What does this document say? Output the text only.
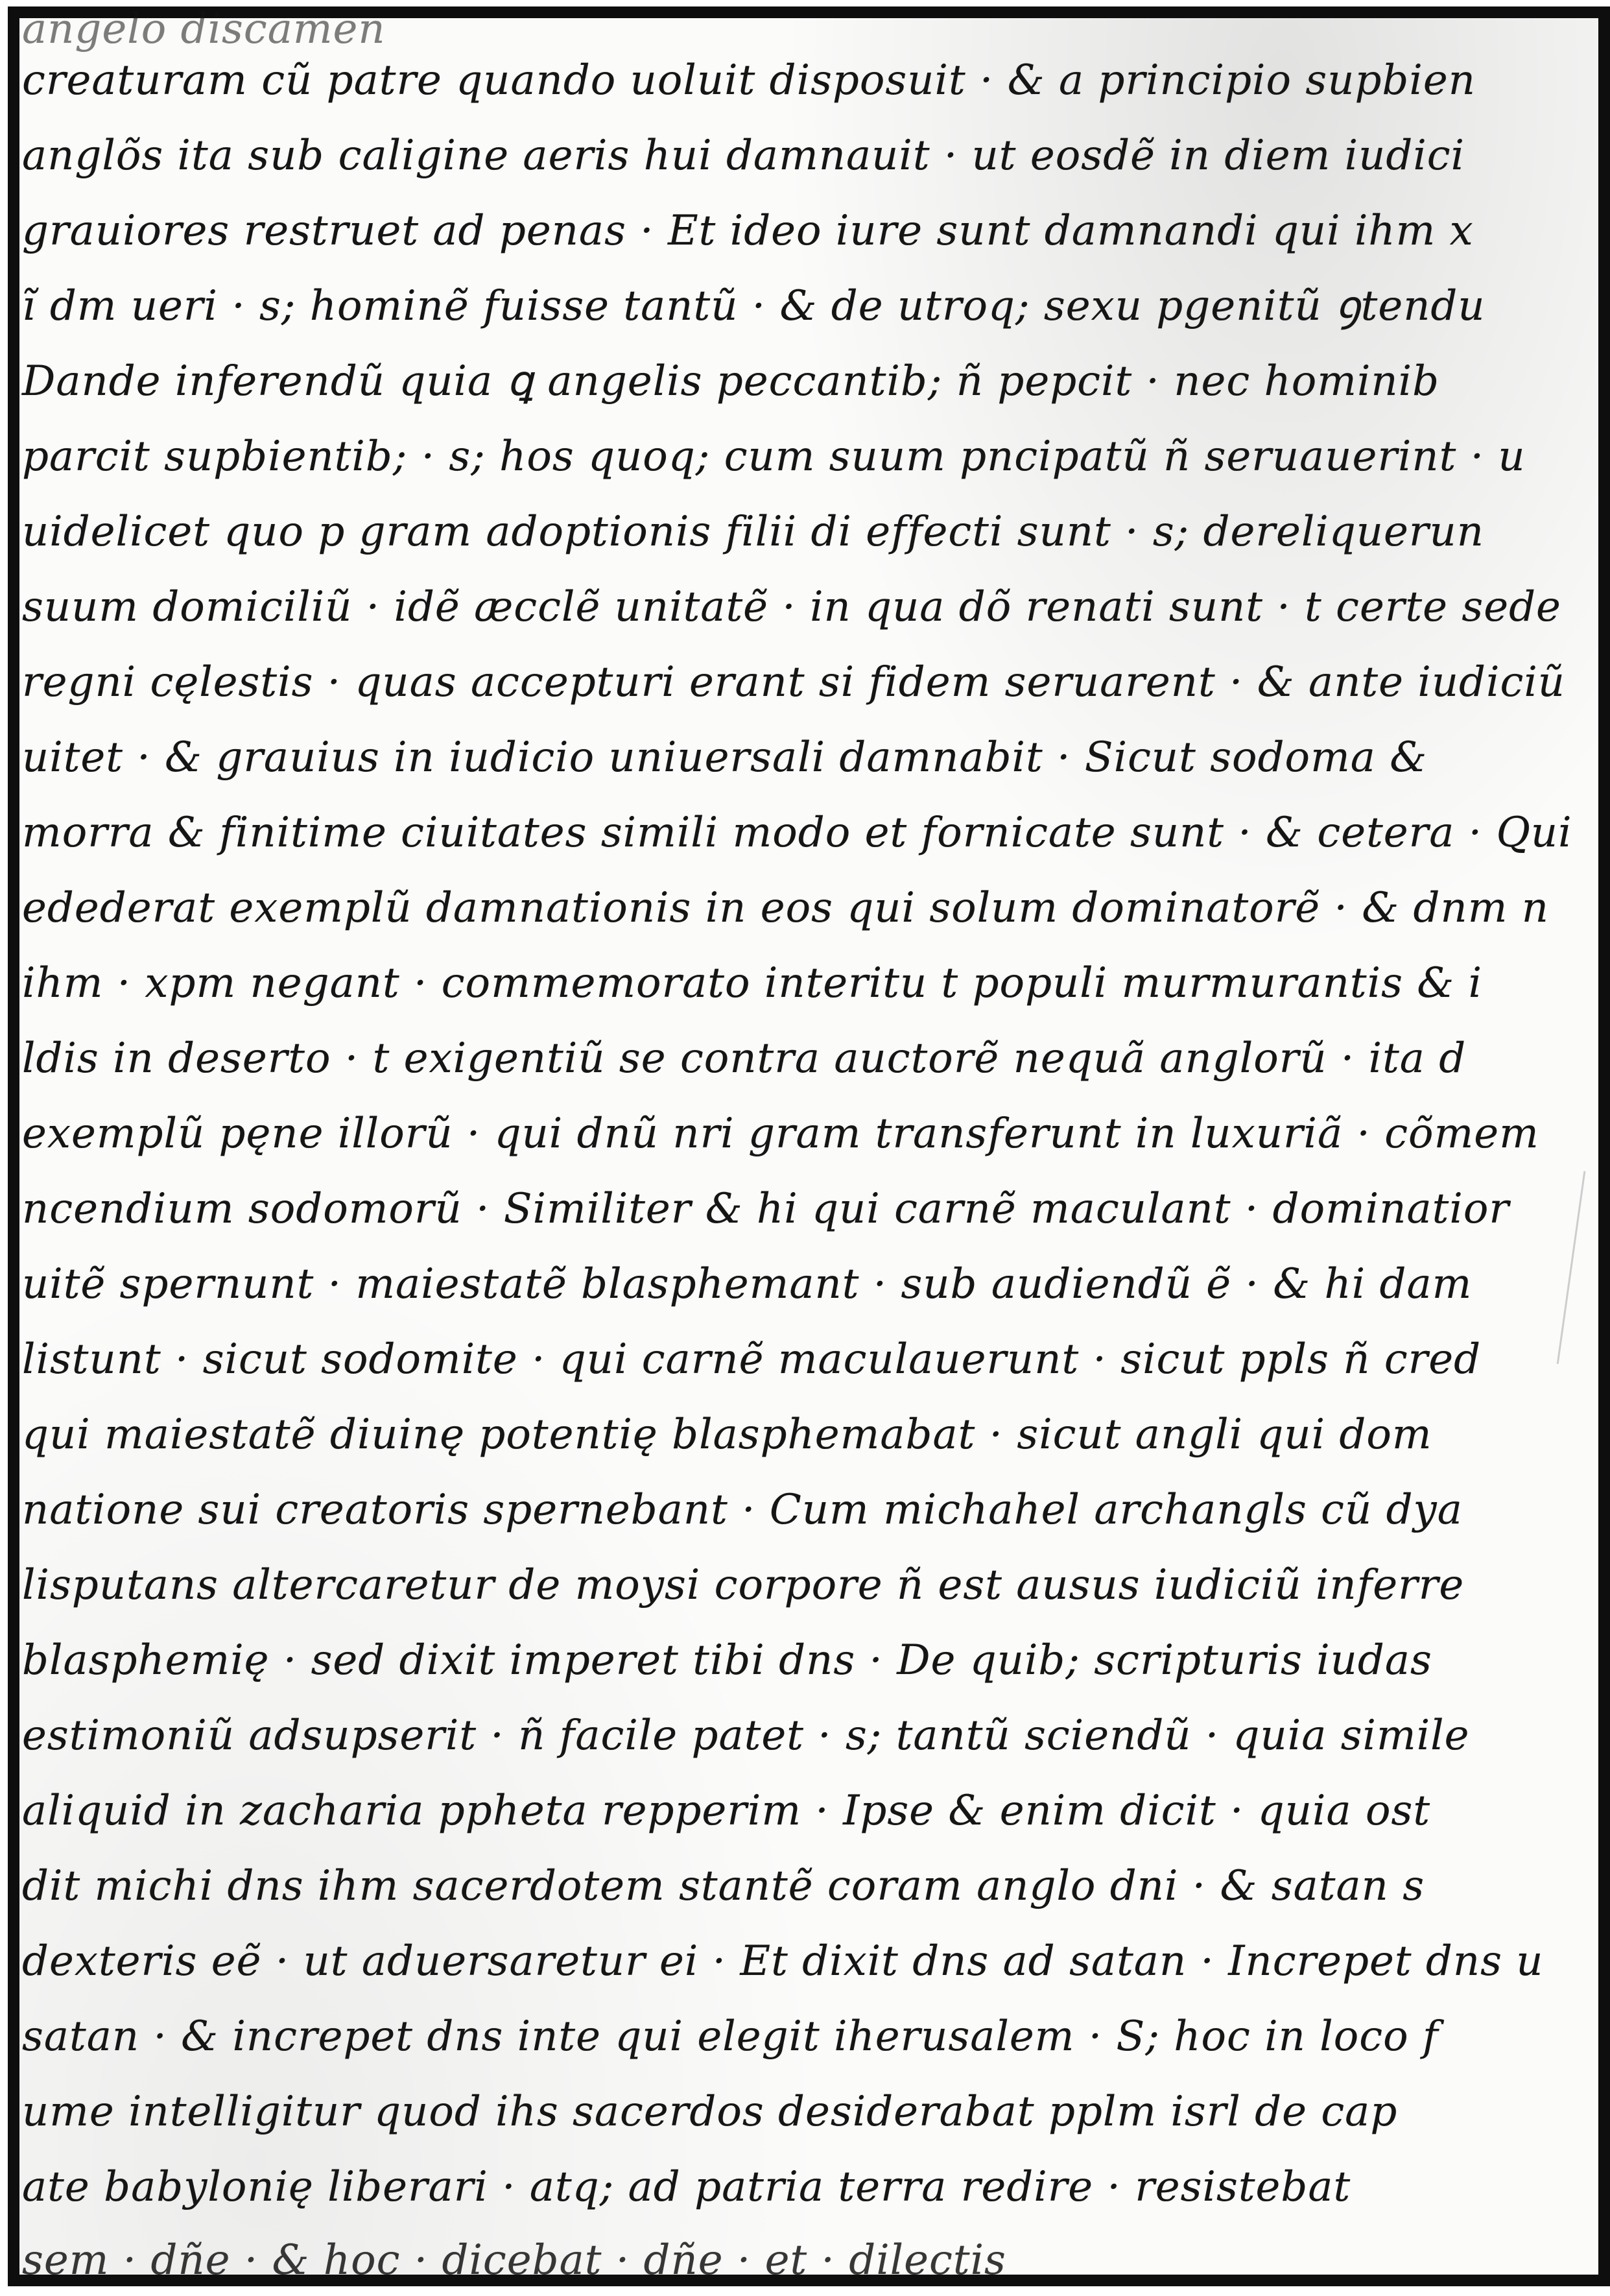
angelo discamen
creaturam cũ patre quando uoluit disposuit · & a principio supbien
anglõs ita sub caligine aeris hui damnauit · ut eosdẽ in diem iudici
grauiores restruet ad penas · Et ideo iure sunt damnandi qui ihm x
ĩ dm ueri · s; hominẽ fuisse tantũ · & de utroq; sexu pgenitũ ꝯtendu
Dande inferendũ quia ꝗ angelis peccantib; ñ pepcit · nec hominib
parcit supbientib; · s; hos quoq; cum suum pncipatũ ñ seruauerint · u
uidelicet quo p gram adoptionis filii di effecti sunt · s; dereliquerun
suum domiciliũ · idẽ æcclẽ unitatẽ · in qua dõ renati sunt · t certe sede
regni cęlestis · quas accepturi erant si fidem seruarent · & ante iudiciũ
uitet · & grauius in iudicio uniuersali damnabit · Sicut sodoma &
morra & finitime ciuitates simili modo et fornicate sunt · & cetera · Qui
edederat exemplũ damnationis in eos qui solum dominatorẽ · & dnm n
ihm · xpm negant · commemorato interitu t populi murmurantis & i
ldis in deserto · t exigentiũ se contra auctorẽ nequã anglorũ · ita d
exemplũ pęne illorũ · qui dnũ nri gram transferunt in luxuriã · cõmem
ncendium sodomorũ · Similiter & hi qui carnẽ maculant · dominatior
uitẽ spernunt · maiestatẽ blasphemant · sub audiendũ ẽ · & hi dam
listunt · sicut sodomite · qui carnẽ maculauerunt · sicut ppls ñ cred
qui maiestatẽ diuinę potentię blasphemabat · sicut angli qui dom
natione sui creatoris spernebant · Cum michahel archangls cũ dya
lisputans altercaretur de moysi corpore ñ est ausus iudiciũ inferre
blasphemię · sed dixit imperet tibi dns · De quib; scripturis iudas
estimoniũ adsupserit · ñ facile patet · s; tantũ sciendũ · quia simile
aliquid in zacharia ppheta repperim · Ipse & enim dicit · quia ost
dit michi dns ihm sacerdotem stantẽ coram anglo dni · & satan s
dexteris eẽ · ut aduersaretur ei · Et dixit dns ad satan · Increpet dns u
satan · & increpet dns inte qui elegit iherusalem · S; hoc in loco f
ume intelligitur quod ihs sacerdos desiderabat pplm isrl de cap
ate babylonię liberari · atq; ad patria terra redire · resistebat
sem · dñe · & hoc · dicebat · dñe · et · dilectis
